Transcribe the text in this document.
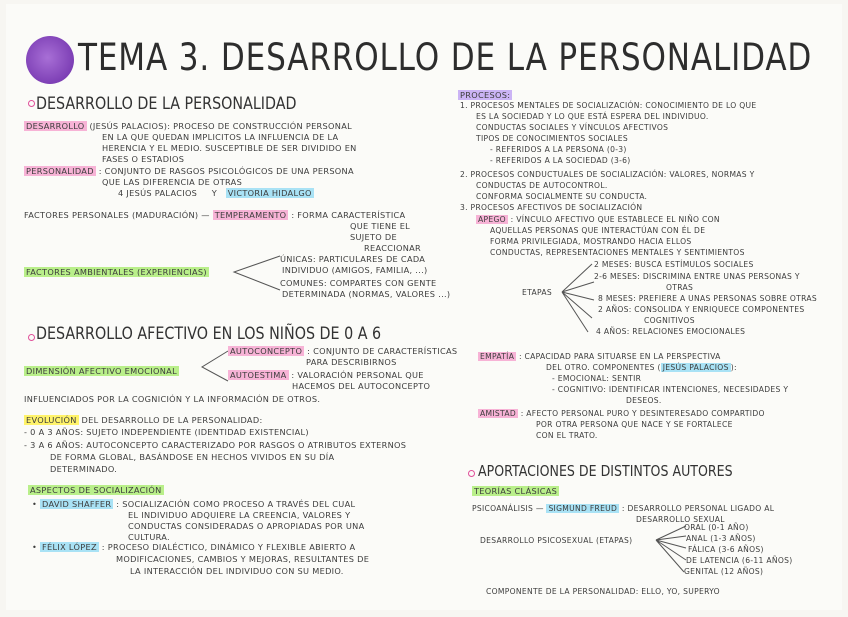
TEMA 3. DESARROLLO DE LA PERSONALIDAD
DESARROLLO DE LA PERSONALIDAD
DESARROLLO (JESÚS PALACIOS): PROCESO DE CONSTRUCCIÓN PERSONAL
EN LA QUE QUEDAN IMPLICITOS LA INFLUENCIA DE LA
HERENCIA Y EL MEDIO. SUSCEPTIBLE DE SER DIVIDIDO EN
FASES O ESTADIOS
PERSONALIDAD : CONJUNTO DE RASGOS PSICOLÓGICOS DE UNA PERSONA
QUE LAS DIFERENCIA DE OTRAS
4 JESÚS PALACIOS Y VICTORIA HIDALGO
FACTORES PERSONALES (MADURACIÓN) — TEMPERAMENTO : FORMA CARACTERÍSTICA
QUE TIENE EL
SUJETO DE
REACCIONAR
FACTORES AMBIENTALES (EXPERIENCIAS)
ÚNICAS: PARTICULARES DE CADA
INDIVIDUO (AMIGOS, FAMILIA, ...)
COMUNES: COMPARTES CON GENTE
DETERMINADA (NORMAS, VALORES ...)
DESARROLLO AFECTIVO EN LOS NIÑOS DE 0 A 6
DIMENSIÓN AFECTIVO EMOCIONAL
AUTOCONCEPTO : CONJUNTO DE CARACTERÍSTICAS
PARA DESCRIBIRNOS
AUTOESTIMA : VALORACIÓN PERSONAL QUE
HACEMOS DEL AUTOCONCEPTO
INFLUENCIADOS POR LA COGNICIÓN Y LA INFORMACIÓN DE OTROS.
EVOLUCIÓN DEL DESARROLLO DE LA PERSONALIDAD:
- 0 A 3 AÑOS: SUJETO INDEPENDIENTE (IDENTIDAD EXISTENCIAL)
- 3 A 6 AÑOS: AUTOCONCEPTO CARACTERIZADO POR RASGOS O ATRIBUTOS EXTERNOS
DE FORMA GLOBAL, BASÁNDOSE EN HECHOS VIVIDOS EN SU DÍA
DETERMINADO.
ASPECTOS DE SOCIALIZACIÓN
• DAVID SHAFFER : SOCIALIZACIÓN COMO PROCESO A TRAVÉS DEL CUAL
EL INDIVIDUO ADQUIERE LA CREENCIA, VALORES Y
CONDUCTAS CONSIDERADAS O APROPIADAS POR UNA
CULTURA.
• FÉLIX LÓPEZ : PROCESO DIALÉCTICO, DINÁMICO Y FLEXIBLE ABIERTO A
MODIFICACIONES, CAMBIOS Y MEJORAS, RESULTANTES DE
LA INTERACCIÓN DEL INDIVIDUO CON SU MEDIO.
PROCESOS:
1. PROCESOS MENTALES DE SOCIALIZACIÓN: CONOCIMIENTO DE LO QUE
ES LA SOCIEDAD Y LO QUE ESTÁ ESPERA DEL INDIVIDUO.
CONDUCTAS SOCIALES Y VÍNCULOS AFECTIVOS
TIPOS DE CONOCIMIENTOS SOCIALES
- REFERIDOS A LA PERSONA (0-3)
- REFERIDOS A LA SOCIEDAD (3-6)
2. PROCESOS CONDUCTUALES DE SOCIALIZACIÓN: VALORES, NORMAS Y
CONDUCTAS DE AUTOCONTROL.
CONFORMA SOCIALMENTE SU CONDUCTA.
3. PROCESOS AFECTIVOS DE SOCIALIZACIÓN
APEGO : VÍNCULO AFECTIVO QUE ESTABLECE EL NIÑO CON
AQUELLAS PERSONAS QUE INTERACTÚAN CON ÉL DE
FORMA PRIVILEGIADA, MOSTRANDO HACIA ELLOS
CONDUCTAS, REPRESENTACIONES MENTALES Y SENTIMIENTOS
ETAPAS
2 MESES: BUSCA ESTÍMULOS SOCIALES
2-6 MESES: DISCRIMINA ENTRE UNAS PERSONAS Y
OTRAS
8 MESES: PREFIERE A UNAS PERSONAS SOBRE OTRAS
2 AÑOS: CONSOLIDA Y ENRIQUECE COMPONENTES
COGNITIVOS
4 AÑOS: RELACIONES EMOCIONALES
EMPATÍA : CAPACIDAD PARA SITUARSE EN LA PERSPECTIVA
DEL OTRO. COMPONENTES ( JESÚS PALACIOS ):
- EMOCIONAL: SENTIR
- COGNITIVO: IDENTIFICAR INTENCIONES, NECESIDADES Y
DESEOS.
AMISTAD : AFECTO PERSONAL PURO Y DESINTERESADO COMPARTIDO
POR OTRA PERSONA QUE NACE Y SE FORTALECE
CON EL TRATO.
APORTACIONES DE DISTINTOS AUTORES
TEORÍAS CLÁSICAS
PSICOANÁLISIS — SIGMUND FREUD : DESARROLLO PERSONAL LIGADO AL
DESARROLLO SEXUAL
DESARROLLO PSICOSEXUAL (ETAPAS)
ORAL (0-1 AÑO)
ANAL (1-3 AÑOS)
FÁLICA (3-6 AÑOS)
DE LATENCIA (6-11 AÑOS)
GENITAL (12 AÑOS)
COMPONENTE DE LA PERSONALIDAD: ELLO, YO, SUPERYO
